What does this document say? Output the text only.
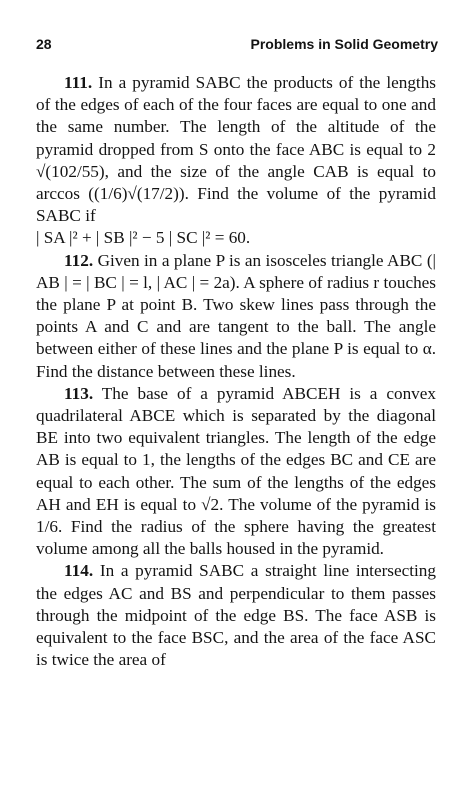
28	Problems in Solid Geometry

111. In a pyramid SABC the products of the lengths of the edges of each of the four faces are equal to one and the same number. The length of the altitude of the pyramid dropped from S onto the face ABC is equal to 2 √(102/55), and the size of the angle CAB is equal to arccos ((1/6)√(17/2)). Find the volume of the pyramid SABC if

| SA |² + | SB |² − 5 | SC |² = 60.

112. Given in a plane P is an isosceles triangle ABC (| AB | = | BC | = l, | AC | = 2a). A sphere of radius r touches the plane P at point B. Two skew lines pass through the points A and C and are tangent to the ball. The angle between either of these lines and the plane P is equal to α. Find the distance between these lines.

113. The base of a pyramid ABCEH is a convex quadrilateral ABCE which is separated by the diagonal BE into two equivalent triangles. The length of the edge AB is equal to 1, the lengths of the edges BC and CE are equal to each other. The sum of the lengths of the edges AH and EH is equal to √2. The volume of the pyramid is 1/6. Find the radius of the sphere having the greatest volume among all the balls housed in the pyramid.

114. In a pyramid SABC a straight line intersecting the edges AC and BS and perpendicular to them passes through the midpoint of the edge BS. The face ASB is equivalent to the face BSC, and the area of the face ASC is twice the area of
